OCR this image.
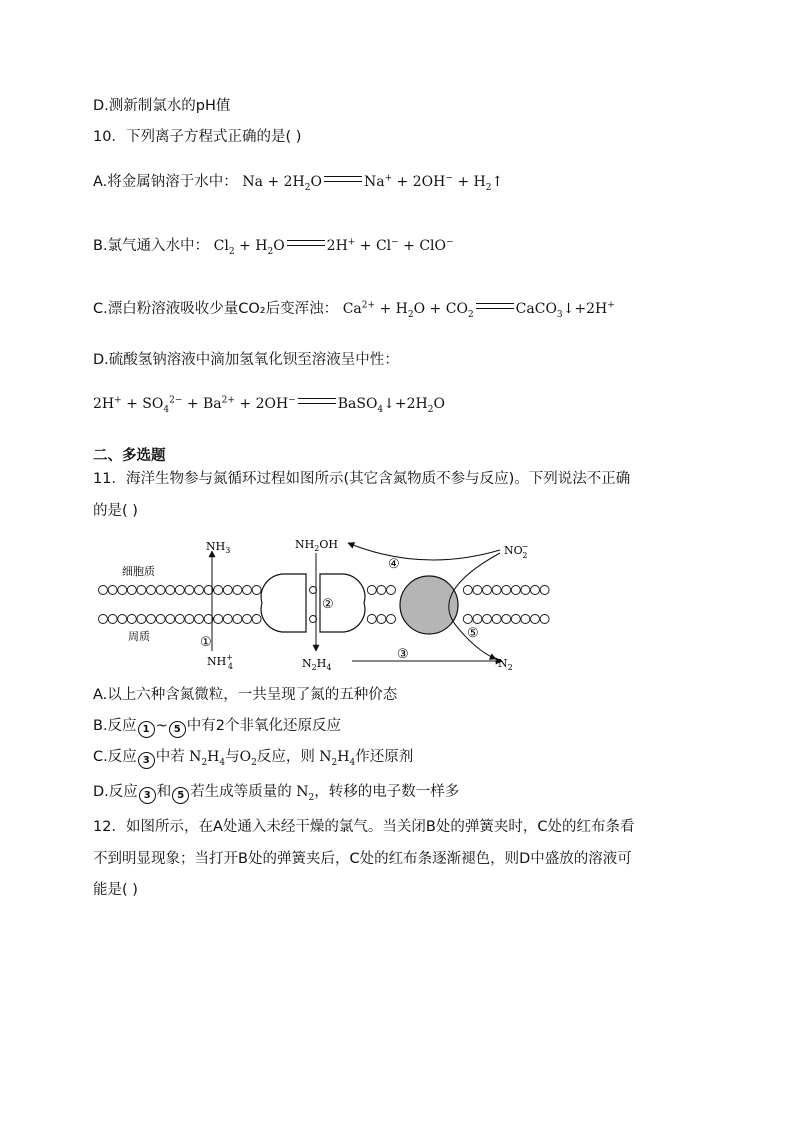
D.测新制氯水的pH值
10．下列离子方程式正确的是( )
A.将金属钠溶于水中： $Na + 2H_2O$	$Na^+ + 2OH^- + H_2↑$
B.氯气通入水中： $Cl_2 + H_2O$	2H+ + Cl− + ClO−
C.漂白粉溶液吸收少量CO₂后变浑浊： $Ca^{2+} + H_2O + CO_2$	CaCO$_3$↓+2H+
D.硫酸氢钠溶液中滴加氢氧化钡至溶液呈中性：
$2H^+ + SO_4^{2-} + Ba^{2+} + 2OH^-$	$BaSO_4↓+2H_2O$
二、多选题
11．海洋生物参与氮循环过程如图所示(其它含氮物质不参与反应)。下列说法不正确
的是( )
$NH_3$	$NH_2OH$	NO− 2
NH+ 4	$N_2H_4$	$N_2$
细胞质
周质	①
②
③
④
⑤
A.以上六种含氮微粒，一共呈现了氮的五种价态
B.反应 1 ~ 5 中有2个非氧化还原反应
C.反应 3 中若 $N_2H_4$与$O_2$反应，则 $N_2H_4$作还原剂
D.反应 3 和 5 若生成等质量的 $N_2$，转移的电子数一样多
12．如图所示，在A处通入未经干燥的氯气。当关闭B处的弹簧夹时，C处的红布条看
不到明显现象；当打开B处的弹簧夹后，C处的红布条逐渐褪色，则D中盛放的溶液可
能是( )
